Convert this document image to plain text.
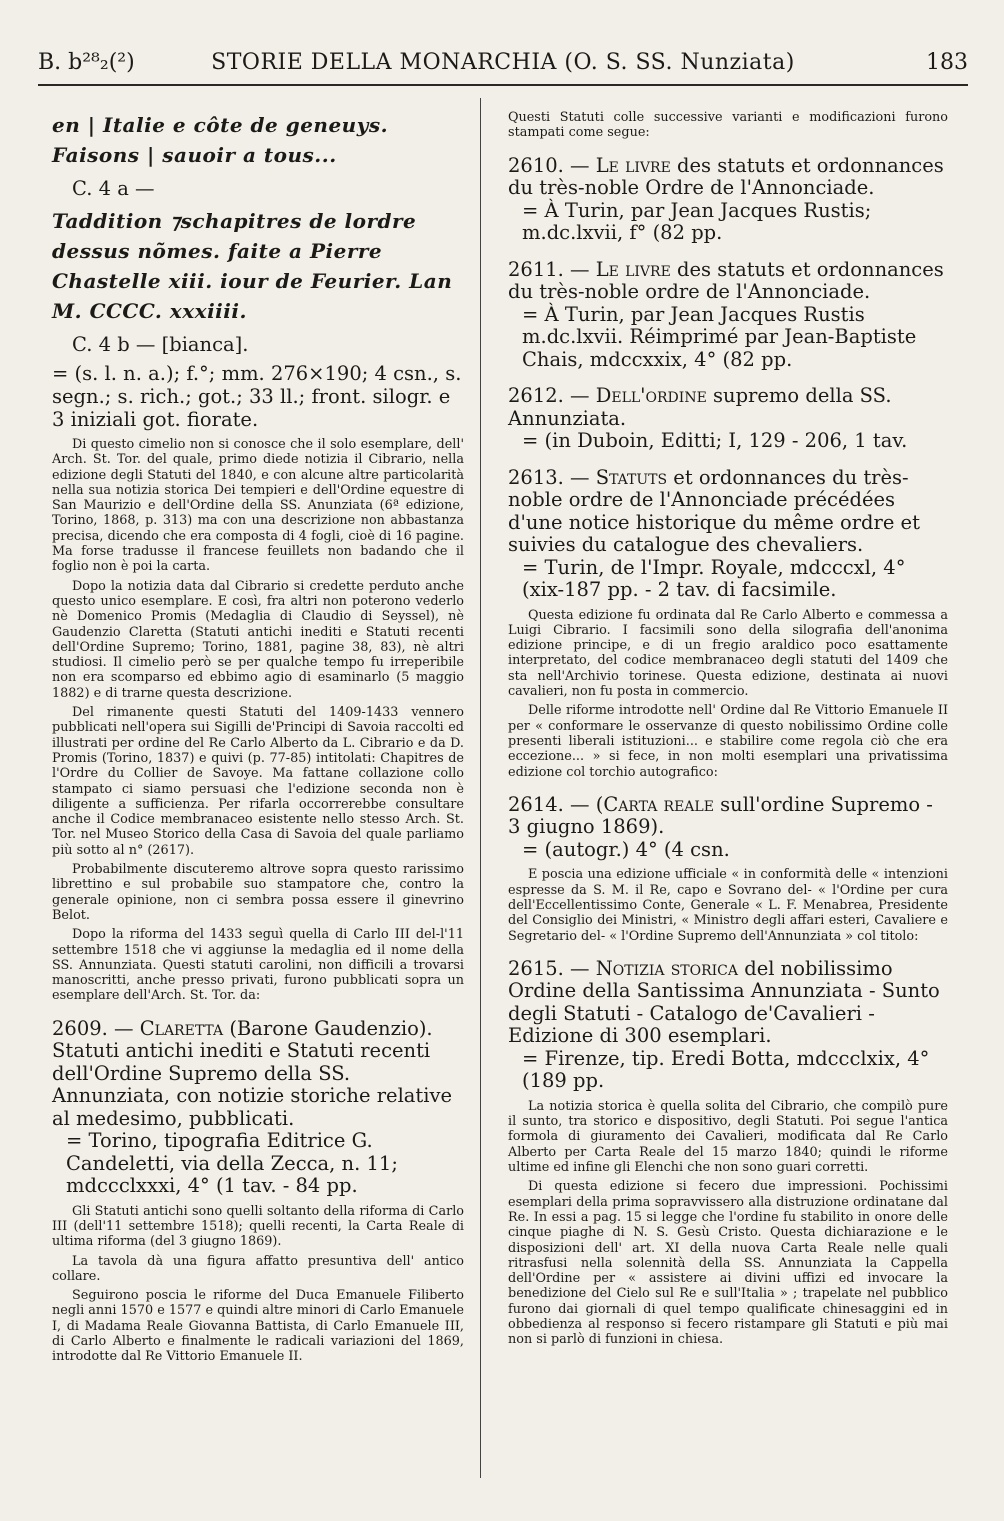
B. b²⁸₂(²)	STORIE DELLA MONARCHIA (O. S. SS. Nunziata)	183

en | Italie e côte de geneuys. Faisons | sauoir a tous...

C. 4 a —

Taddition ⁊schapitres de lordre dessus nõmes. faite a Pierre Chastelle xiii. iour de Feurier. Lan M. CCCC. xxxiiii.

C. 4 b — [bianca].

= (s. l. n. a.); f.°; mm. 276×190; 4 csn., s. segn.; s. rich.; got.; 33 ll.; front. silogr. e 3 iniziali got. fiorate.

Di questo cimelio non si conosce che il solo esemplare, dell' Arch. St. Tor. del quale, primo diede notizia il Cibrario, nella edizione degli Statuti del 1840, e con alcune altre particolarità nella sua notizia storica Dei tempieri e dell'Ordine equestre di San Maurizio e dell'Ordine della SS. Anunziata (6ª edizione, Torino, 1868, p. 313) ma con una descrizione non abbastanza precisa, dicendo che era composta di 4 fogli, cioè di 16 pagine. Ma forse tradusse il francese feuillets non badando che il foglio non è poi la carta.

Dopo la notizia data dal Cibrario si credette perduto anche questo unico esemplare. E così, fra altri non poterono vederlo nè Domenico Promis (Medaglia di Claudio di Seyssel), nè Gaudenzio Claretta (Statuti antichi inediti e Statuti recenti dell'Ordine Supremo; Torino, 1881, pagine 38, 83), nè altri studiosi. Il cimelio però se per qualche tempo fu irreperibile non era scomparso ed ebbimo agio di esaminarlo (5 maggio 1882) e di trarne questa descrizione.

Del rimanente questi Statuti del 1409-1433 vennero pubblicati nell'opera sui Sigilli de'Principi di Savoia raccolti ed illustrati per ordine del Re Carlo Alberto da L. Cibrario e da D. Promis (Torino, 1837) e quivi (p. 77-85) intitolati: Chapitres de l'Ordre du Collier de Savoye. Ma fattane collazione collo stampato ci siamo persuasi che l'edizione seconda non è diligente a sufficienza. Per rifarla occorrerebbe consultare anche il Codice membranaceo esistente nello stesso Arch. St. Tor. nel Museo Storico della Casa di Savoia del quale parliamo più sotto al n° (2617).

Probabilmente discuteremo altrove sopra questo rarissimo librettino e sul probabile suo stampatore che, contro la generale opinione, non ci sembra possa essere il ginevrino Belot.

Dopo la riforma del 1433 seguì quella di Carlo III del-l'11 settembre 1518 che vi aggiunse la medaglia ed il nome della SS. Annunziata. Questi statuti carolini, non difficili a trovarsi manoscritti, anche presso privati, furono pubblicati sopra un esemplare dell'Arch. St. Tor. da:

2609. — Claretta (Barone Gaudenzio). Statuti antichi inediti e Statuti recenti dell'Ordine Supremo della SS. Annunziata, con notizie storiche relative al medesimo, pubblicati.
= Torino, tipografia Editrice G. Candeletti, via della Zecca, n. 11; mdccclxxxi, 4° (1 tav. - 84 pp.

Gli Statuti antichi sono quelli soltanto della riforma di Carlo III (dell'11 settembre 1518); quelli recenti, la Carta Reale di ultima riforma (del 3 giugno 1869).

La tavola dà una figura affatto presuntiva dell' antico collare.

Seguirono poscia le riforme del Duca Emanuele Filiberto negli anni 1570 e 1577 e quindi altre minori di Carlo Emanuele I, di Madama Reale Giovanna Battista, di Carlo Emanuele III, di Carlo Alberto e finalmente le radicali variazioni del 1869, introdotte dal Re Vittorio Emanuele II.

Questi Statuti colle successive varianti e modificazioni furono stampati come segue:

2610. — Le livre des statuts et ordonnances du très-noble Ordre de l'Annonciade.
= À Turin, par Jean Jacques Rustis; m.dc.lxvii, f° (82 pp.
2611. — Le livre des statuts et ordonnances du très-noble ordre de l'Annonciade.
= À Turin, par Jean Jacques Rustis m.dc.lxvii. Réimprimé par Jean-Baptiste Chais, mdccxxix, 4° (82 pp.
2612. — Dell'ordine supremo della SS. Annunziata.
= (in Duboin, Editti; I, 129 - 206, 1 tav.
2613. — Statuts et ordonnances du très-noble ordre de l'Annonciade précédées d'une notice historique du même ordre et suivies du catalogue des chevaliers.
= Turin, de l'Impr. Royale, mdcccxl, 4° (xix-187 pp. - 2 tav. di facsimile.

Questa edizione fu ordinata dal Re Carlo Alberto e commessa a Luigi Cibrario. I facsimili sono della silografia dell'anonima edizione principe, e di un fregio araldico poco esattamente interpretato, del codice membranaceo degli statuti del 1409 che sta nell'Archivio torinese. Questa edizione, destinata ai nuovi cavalieri, non fu posta in commercio.

Delle riforme introdotte nell' Ordine dal Re Vittorio Emanuele II per « conformare le osservanze di questo nobilissimo Ordine colle presenti liberali istituzioni... e stabilire come regola ciò che era eccezione... » si fece, in non molti esemplari una privatissima edizione col torchio autografico:

2614. — (Carta reale sull'ordine Supremo - 3 giugno 1869).
= (autogr.) 4° (4 csn.

E poscia una edizione ufficiale « in conformità delle « intenzioni espresse da S. M. il Re, capo e Sovrano del- « l'Ordine per cura dell'Eccellentissimo Conte, Generale « L. F. Menabrea, Presidente del Consiglio dei Ministri, « Ministro degli affari esteri, Cavaliere e Segretario del- « l'Ordine Supremo dell'Annunziata » col titolo:

2615. — Notizia storica del nobilissimo Ordine della Santissima Annunziata - Sunto degli Statuti - Catalogo de'Cavalieri - Edizione di 300 esemplari.
= Firenze, tip. Eredi Botta, mdccclxix, 4° (189 pp.

La notizia storica è quella solita del Cibrario, che compilò pure il sunto, tra storico e dispositivo, degli Statuti. Poi segue l'antica formola di giuramento dei Cavalieri, modificata dal Re Carlo Alberto per Carta Reale del 15 marzo 1840; quindi le riforme ultime ed infine gli Elenchi che non sono guari corretti.

Di questa edizione si fecero due impressioni. Pochissimi esemplari della prima sopravvissero alla distruzione ordinatane dal Re. In essi a pag. 15 si legge che l'ordine fu stabilito in onore delle cinque piaghe di N. S. Gesù Cristo. Questa dichiarazione e le disposizioni dell' art. XI della nuova Carta Reale nelle quali ritrasfusi nella solennità della SS. Annunziata la Cappella dell'Ordine per « assistere ai divini uffizi ed invocare la benedizione del Cielo sul Re e sull'Italia » ; trapelate nel pubblico furono dai giornali di quel tempo qualificate chinesaggini ed in obbedienza al responso si fecero ristampare gli Statuti e più mai non si parlò di funzioni in chiesa.
